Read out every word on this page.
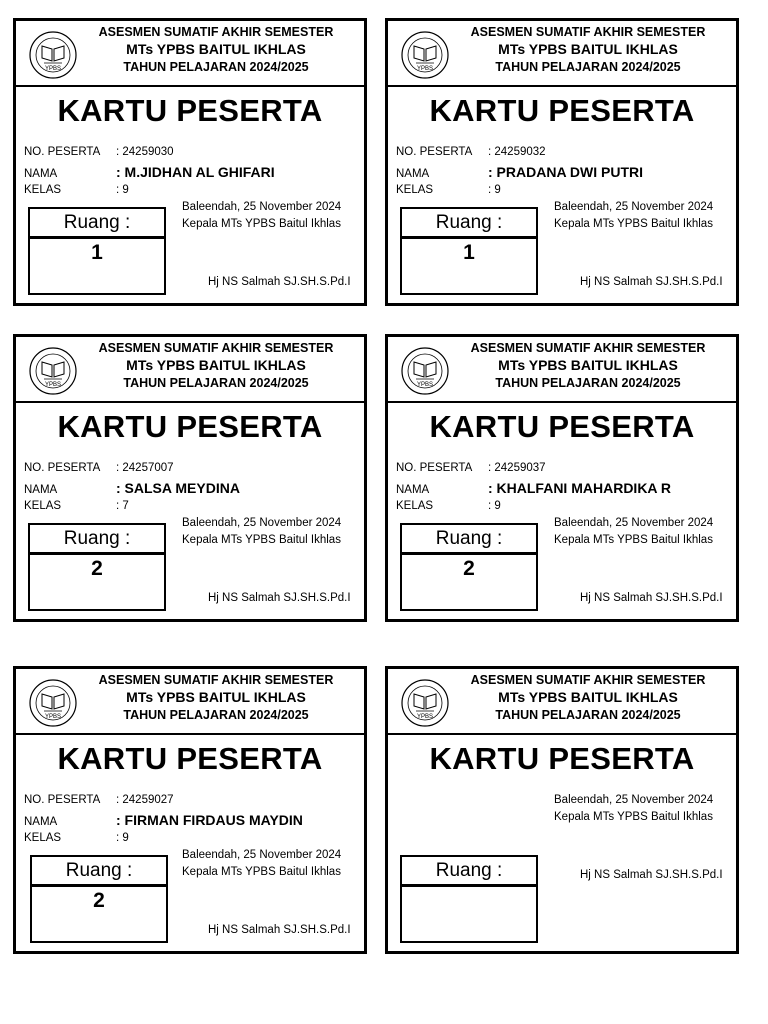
YPBS
ASESMEN SUMATIF AKHIR SEMESTER
MTs YPBS BAITUL IKHLAS
TAHUN PELAJARAN 2024/2025
KARTU PESERTA
NO. PESERTA : 24259030
NAMA	: M.JIDHAN AL GHIFARI
KELAS	: 9
Baleendah, 25 November 2024
Kepala MTs YPBS Baitul Ikhlas
Ruang :
1
Hj NS Salmah SJ.SH.S.Pd.I
YPBS
ASESMEN SUMATIF AKHIR SEMESTER
MTs YPBS BAITUL IKHLAS
TAHUN PELAJARAN 2024/2025
KARTU PESERTA
NO. PESERTA : 24259032
NAMA	: PRADANA DWI PUTRI
KELAS	: 9
Baleendah, 25 November 2024
Kepala MTs YPBS Baitul Ikhlas
Ruang :
1
Hj NS Salmah SJ.SH.S.Pd.I
YPBS
ASESMEN SUMATIF AKHIR SEMESTER
MTs YPBS BAITUL IKHLAS
TAHUN PELAJARAN 2024/2025
KARTU PESERTA
NO. PESERTA : 24257007
NAMA	: SALSA MEYDINA
KELAS	: 7
Baleendah, 25 November 2024
Kepala MTs YPBS Baitul Ikhlas
Ruang :
2
Hj NS Salmah SJ.SH.S.Pd.I
YPBS
ASESMEN SUMATIF AKHIR SEMESTER
MTs YPBS BAITUL IKHLAS
TAHUN PELAJARAN 2024/2025
KARTU PESERTA
NO. PESERTA : 24259037
NAMA	: KHALFANI MAHARDIKA R
KELAS	: 9
Baleendah, 25 November 2024
Kepala MTs YPBS Baitul Ikhlas
Ruang :
2
Hj NS Salmah SJ.SH.S.Pd.I
YPBS
ASESMEN SUMATIF AKHIR SEMESTER
MTs YPBS BAITUL IKHLAS
TAHUN PELAJARAN 2024/2025
KARTU PESERTA
NO. PESERTA : 24259027
NAMA	: FIRMAN FIRDAUS MAYDIN
KELAS	: 9
Baleendah, 25 November 2024
Kepala MTs YPBS Baitul Ikhlas
Ruang :
2
Hj NS Salmah SJ.SH.S.Pd.I
YPBS
ASESMEN SUMATIF AKHIR SEMESTER
MTs YPBS BAITUL IKHLAS
TAHUN PELAJARAN 2024/2025
KARTU PESERTA
Baleendah, 25 November 2024
Kepala MTs YPBS Baitul Ikhlas
Ruang :	Hj NS Salmah SJ.SH.S.Pd.I
